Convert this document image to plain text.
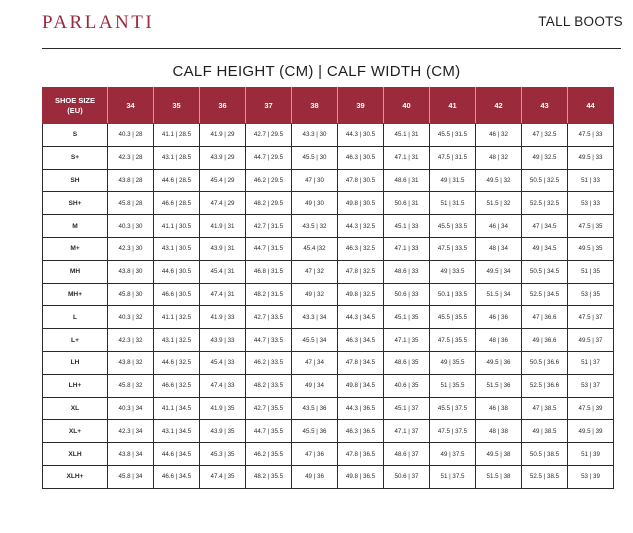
PARLANTI	TALL BOOTS
CALF HEIGHT (CM) | CALF WIDTH (CM)
SHOE SIZE
(EU)	34	35	36	37	38	39	40	41	42	43	44
S	40.3 | 28	41.1 | 28.5	41.9 | 29	42.7 | 29.5	43.3 | 30	44.3 | 30.5	45.1 | 31	45.5 | 31.5	46 | 32	47 | 32.5	47.5 | 33
S+	42.3 | 28	43.1 | 28.5	43.9 | 29	44.7 | 29.5	45.5 | 30	46.3 | 30.5	47.1 | 31	47.5 | 31.5	48 | 32	49 | 32.5	49.5 | 33
SH	43.8 | 28	44.6 | 28.5	45.4 | 29	46.2 | 29.5	47 | 30	47.8 | 30.5	48.6 | 31	49 | 31.5	49.5 | 32	50.5 | 32.5	51 | 33
SH+	45.8 | 28	46.6 | 28.5	47.4 | 29	48.2 | 29.5	49 | 30	49.8 | 30.5	50.6 | 31	51 | 31.5	51.5 | 32	52.5 | 32.5	53 | 33
M	40.3 | 30	41.1 | 30.5	41.9 | 31	42.7 | 31.5	43.5 | 32	44.3 | 32.5	45.1 | 33	45.5 | 33.5	46 | 34	47 | 34.5	47.5 | 35
M+	42.3 | 30	43.1 | 30.5	43.9 | 31	44.7 | 31.5	45.4 |32	46.3 | 32.5	47.1 | 33	47.5 | 33.5	48 | 34	49 | 34.5	49.5 | 35
MH	43.8 | 30	44.6 | 30.5	45.4 | 31	46.8 | 31.5	47 | 32	47.8 | 32.5	48.6 | 33	49 | 33.5	49.5 | 34	50.5 | 34.5	51 | 35
MH+	45.8 | 30	46.6 | 30.5	47.4 | 31	48.2 | 31.5	49 | 32	49.8 | 32.5	50.6 | 33	50.1 | 33.5	51.5 | 34	52.5 | 34.5	53 | 35
L	40.3 | 32	41.1 | 32.5	41.9 | 33	42.7 | 33.5	43.3 | 34	44.3 | 34.5	45.1 | 35	45.5 | 35.5	46 | 36	47 | 36.6	47.5 | 37
L+	42.3 | 32	43.1 | 32.5	43.9 | 33	44.7 | 33.5	45.5 | 34	46.3 | 34.5	47.1 | 35	47.5 | 35.5	48 | 36	49 | 36.6	49.5 | 37
LH	43.8 | 32	44.6 | 32.5	45.4 | 33	46.2 | 33.5	47 | 34	47.8 | 34.5	48.6 | 35	49 | 35.5	49.5 | 36	50.5 | 36.6	51 | 37
LH+	45.8 | 32	46.6 | 32.5	47.4 | 33	48.2 | 33.5	49 | 34	49.8 | 34.5	40.6 | 35	51 | 35.5	51.5 | 36	52.5 | 36.6	53 | 37
XL	40.3 | 34	41.1 | 34.5	41.9 | 35	42.7 | 35.5	43.5 | 36	44.3 | 36.5	45.1 | 37	45.5 | 37.5	46 | 38	47 | 38.5	47.5 | 39
XL+	42.3 | 34	43.1 | 34.5	43.9 | 35	44.7 | 35.5	45.5 | 36	46.3 | 36.5	47.1 | 37	47.5 | 37.5	48 | 38	49 | 38.5	49.5 | 39
XLH	43.8 | 34	44.6 | 34.5	45.3 | 35	46.2 | 35.5	47 | 36	47.8 | 36.5	48.6 | 37	49 | 37.5	49.5 | 38	50.5 | 38.5	51 | 39
XLH+	45.8 | 34	46.6 | 34.5	47.4 | 35	48.2 | 35.5	49 | 36	49.8 | 36.5	50.6 | 37	51 | 37.5	51.5 | 38	52.5 | 38.5	53 | 39
